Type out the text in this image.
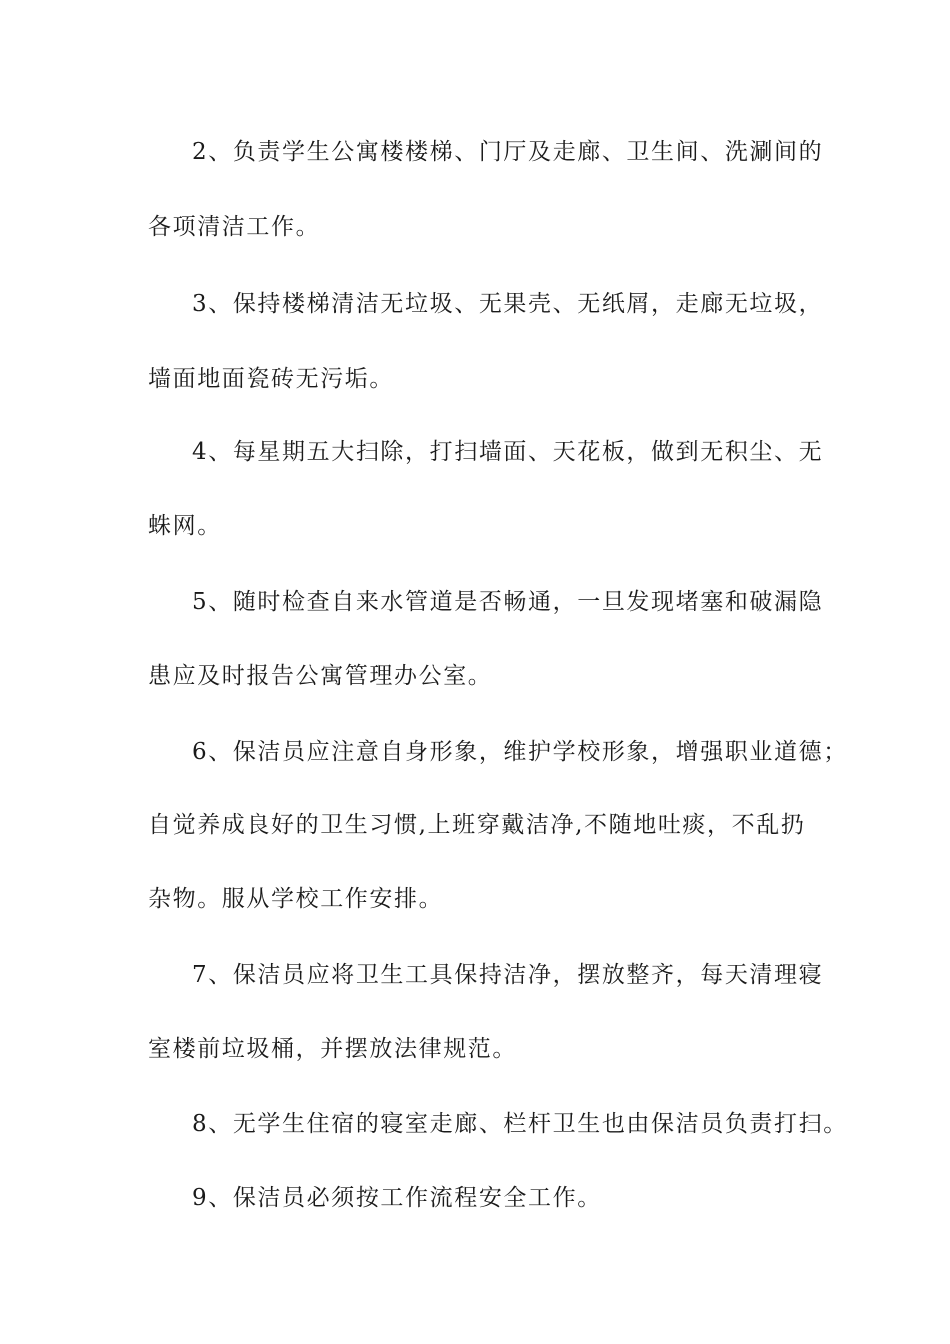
2、负责学生公寓楼楼梯、门厅及走廊、卫生间、洗涮间的
各项清洁工作。
3、保持楼梯清洁无垃圾、无果壳、无纸屑，走廊无垃圾，
墙面地面瓷砖无污垢。
4、每星期五大扫除，打扫墙面、天花板，做到无积尘、无
蛛网。
5、随时检查自来水管道是否畅通，一旦发现堵塞和破漏隐
患应及时报告公寓管理办公室。
6、保洁员应注意自身形象，维护学校形象，增强职业道德；
自觉养成良好的卫生习惯,上班穿戴洁净,不随地吐痰，不乱扔
杂物。服从学校工作安排。
7、保洁员应将卫生工具保持洁净，摆放整齐，每天清理寝
室楼前垃圾桶，并摆放法律规范。
8、无学生住宿的寝室走廊、栏杆卫生也由保洁员负责打扫。
9、保洁员必须按工作流程安全工作。
